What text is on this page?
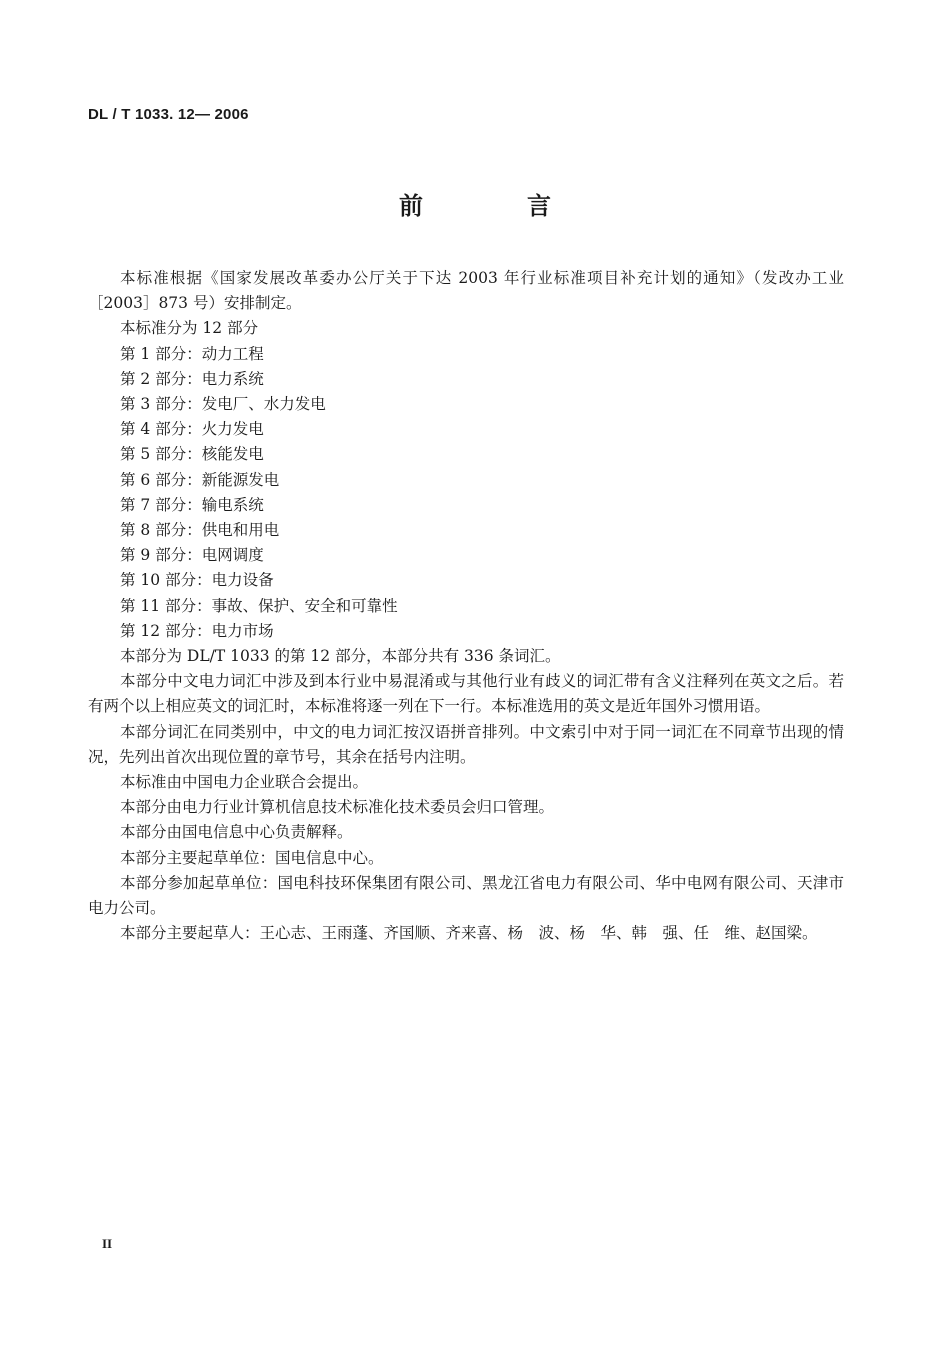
DL / T 1033. 12— 2006
前　言

本标准根据《国家发展改革委办公厅关于下达 2003 年行业标准项目补充计划的通知》（发改办工业［2003］873 号）安排制定。

本标准分为 12 部分

第 1 部分：动力工程

第 2 部分：电力系统

第 3 部分：发电厂、水力发电

第 4 部分：火力发电

第 5 部分：核能发电

第 6 部分：新能源发电

第 7 部分：输电系统

第 8 部分：供电和用电

第 9 部分：电网调度

第 10 部分：电力设备

第 11 部分：事故、保护、安全和可靠性

第 12 部分：电力市场

本部分为 DL/T 1033 的第 12 部分，本部分共有 336 条词汇。

本部分中文电力词汇中涉及到本行业中易混淆或与其他行业有歧义的词汇带有含义注释列在英文之后。若有两个以上相应英文的词汇时，本标准将逐一列在下一行。本标准选用的英文是近年国外习惯用语。

本部分词汇在同类别中，中文的电力词汇按汉语拼音排列。中文索引中对于同一词汇在不同章节出现的情况，先列出首次出现位置的章节号，其余在括号内注明。

本标准由中国电力企业联合会提出。

本部分由电力行业计算机信息技术标准化技术委员会归口管理。

本部分由国电信息中心负责解释。

本部分主要起草单位：国电信息中心。

本部分参加起草单位：国电科技环保集团有限公司、黑龙江省电力有限公司、华中电网有限公司、天津市电力公司。

本部分主要起草人：王心志、王雨蓬、齐国顺、齐来喜、杨　波、杨　华、韩　强、任　维、赵国梁。

II
